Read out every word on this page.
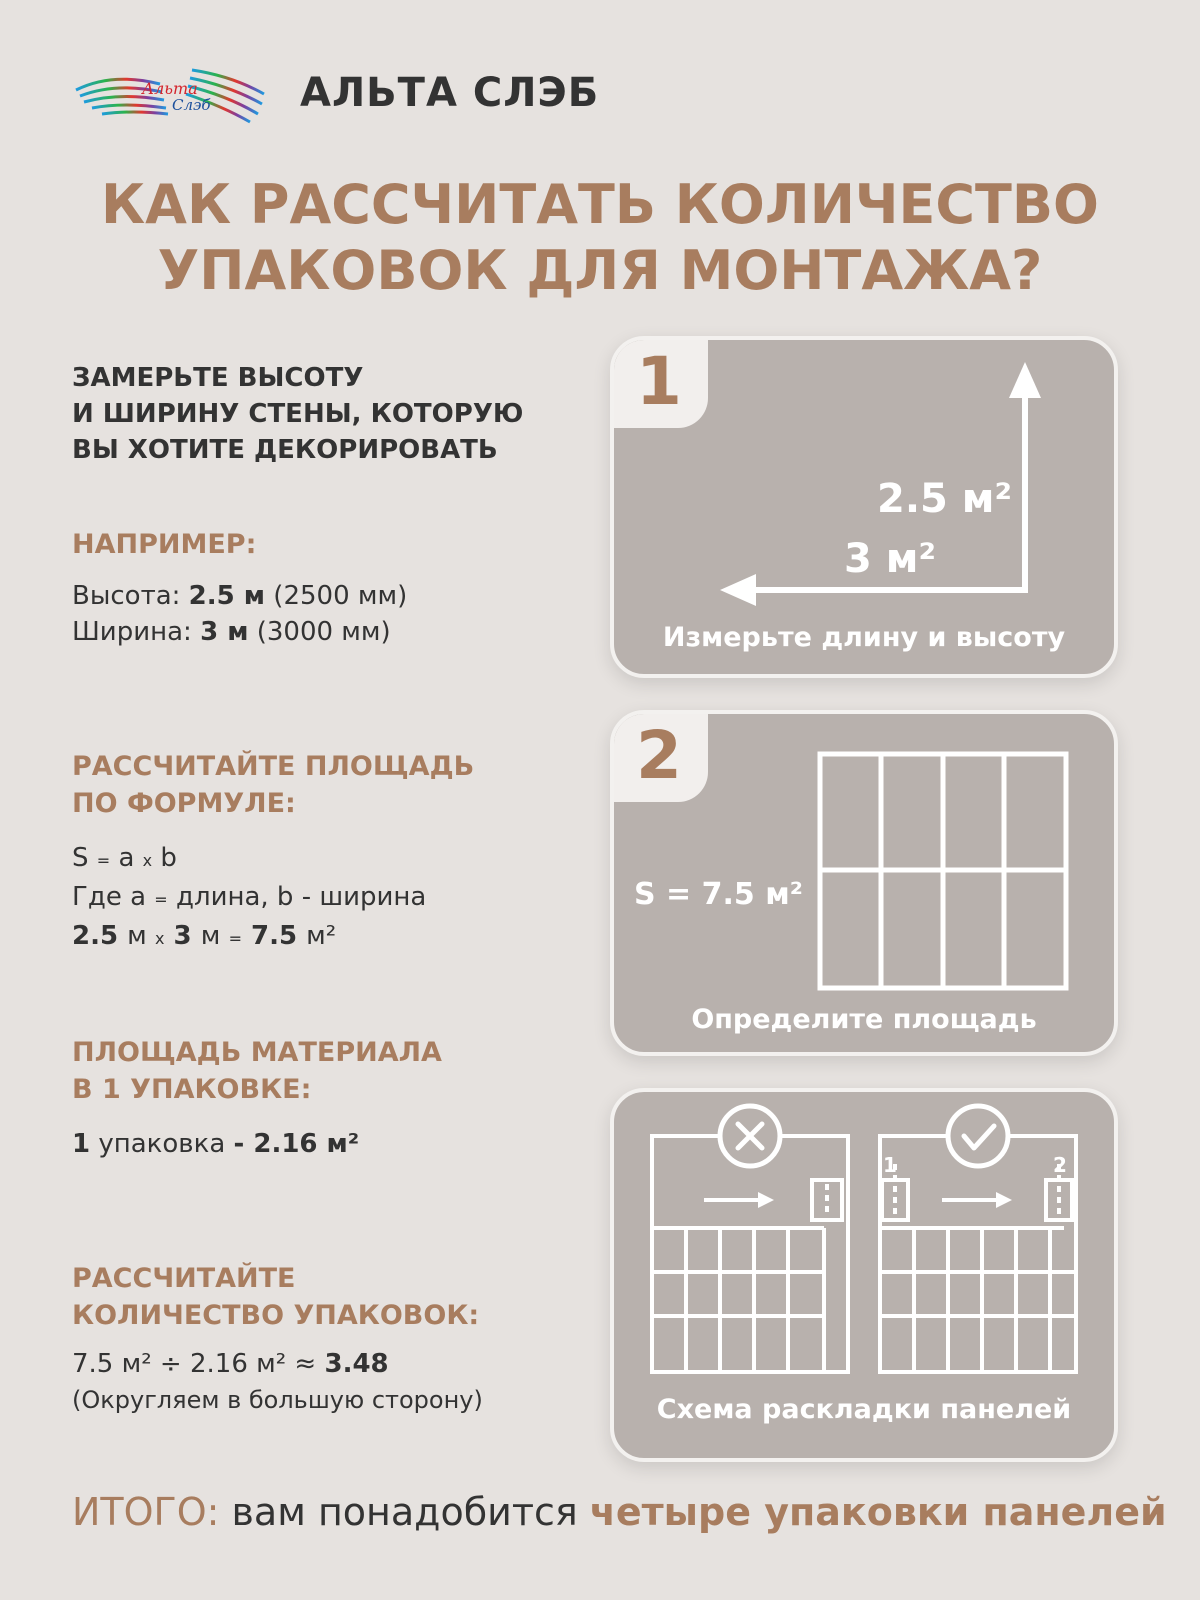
Альта
Слэб АЛЬТА СЛЭБ
КАК РАССЧИТАТЬ КОЛИЧЕСТВО
УПАКОВОК ДЛЯ МОНТАЖА?
ЗАМЕРЬТЕ ВЫСОТУ
И ШИРИНУ СТЕНЫ, КОТОРУЮ
ВЫ ХОТИТЕ ДЕКОРИРОВАТЬ
НАПРИМЕР:
Высота: 2.5 м (2500 мм)
Ширина: 3 м (3000 мм)
РАССЧИТАЙТЕ ПЛОЩАДЬ
ПО ФОРМУЛЕ:
S = a x b
Где a = длина, b - ширина
2.5 м x 3 м = 7.5 м²
ПЛОЩАДЬ МАТЕРИАЛА
В 1 УПАКОВКЕ:
1 упаковка - 2.16 м²
РАССЧИТАЙТЕ
КОЛИЧЕСТВО УПАКОВОК:
7.5 м² ÷ 2.16 м² ≈ 3.48
(Округляем в большую сторону)
2.5 м²
3 м²
1
Измерьте длину и высоту
S = 7.5 м²
2
Определите площадь
1	2
Схема раскладки панелей
ИТОГО: вам понадобится четыре упаковки панелей
